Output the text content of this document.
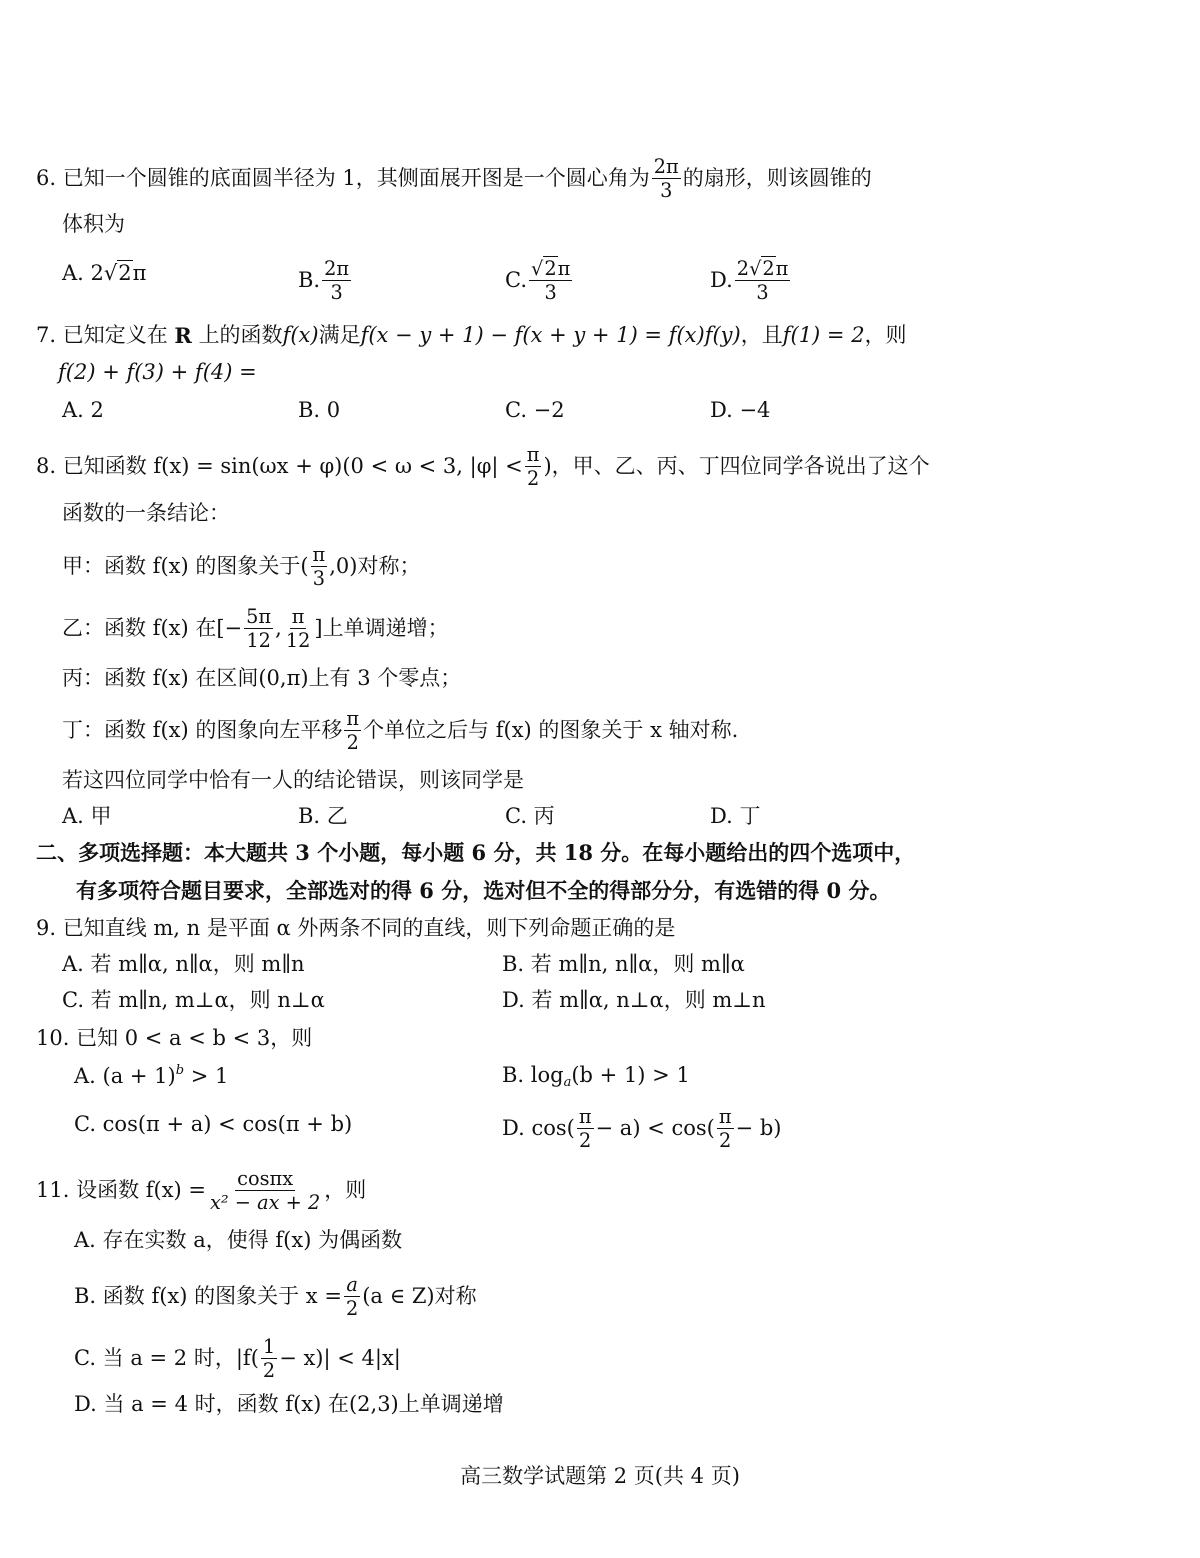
6. 已知一个圆锥的底面圆半径为 1，其侧面展开图是一个圆心角为 $\frac{2\pi}{3}$ 的扇形，则该圆锥的
体积为
A. 2√2π	B. $\frac{2\pi}{3}$	C. $\frac{√2\pi}{3}$	D. $\frac{2√2\pi}{3}$
7. 已知定义在 R 上的函数f(x)满足f(x − y + 1) − f(x + y + 1) = f(x)f(y)，且f(1) = 2，则
f(2) + f(3) + f(4) =
A. 2	B. 0	C. −2	D. −4
8. 已知函数 f(x) = sin(ωx + φ)(0 < ω < 3, $|\varphi| < \frac{\pi}{2}$ )，甲、乙、丙、丁四位同学各说出了这个
函数的一条结论：
甲：函数 f(x) 的图象关于( $\frac{\pi}{3} ,0$)对称；
乙：函数 f(x) 在[− $\frac{5\pi}{12}$ , $\frac{\pi}{12}$ ]上单调递增；
丙：函数 f(x) 在区间(0,π)上有 3 个零点；
丁：函数 f(x) 的图象向左平移 $\frac{\pi}{2}$ 个单位之后与 f(x) 的图象关于 x 轴对称.
若这四位同学中恰有一人的结论错误，则该同学是
A. 甲	B. 乙	C. 丙	D. 丁
二、多项选择题：本大题共 3 个小题，每小题 6 分，共 18 分。在每小题给出的四个选项中，
有多项符合题目要求，全部选对的得 6 分，选对但不全的得部分分，有选错的得 0 分。
9. 已知直线 m, n 是平面 α 外两条不同的直线，则下列命题正确的是
A. 若 m∥α, n∥α，则 m∥n	B. 若 m∥n, n∥α，则 m∥α
C. 若 m∥n, m⊥α，则 n⊥α	D. 若 m∥α, n⊥α，则 m⊥n
10. 已知 0 < a < b < 3，则
A. $(a + 1)^b > 1$	B. $\log_a(b + 1) > 1$
C. cos(π + a) < cos(π + b)	D. $\cos( \frac{\pi}{2} - a) < \cos( \frac{\pi}{2} - b)$
11. 设函数 $f(x) = \frac{\cos\pi x}{\text{x² − ax + 2}}$ ，则
A. 存在实数 a，使得 f(x) 为偶函数
B. 函数 f(x) 的图象关于 $x = \frac{a}{2} (a$ ∈ Z)对称
C. 当 a = 2 时，$|f( \frac{1}{2} - x)| < 4|x|$
D. 当 a = 4 时，函数 f(x) 在(2,3)上单调递增
高三数学试题第 2 页(共 4 页)
